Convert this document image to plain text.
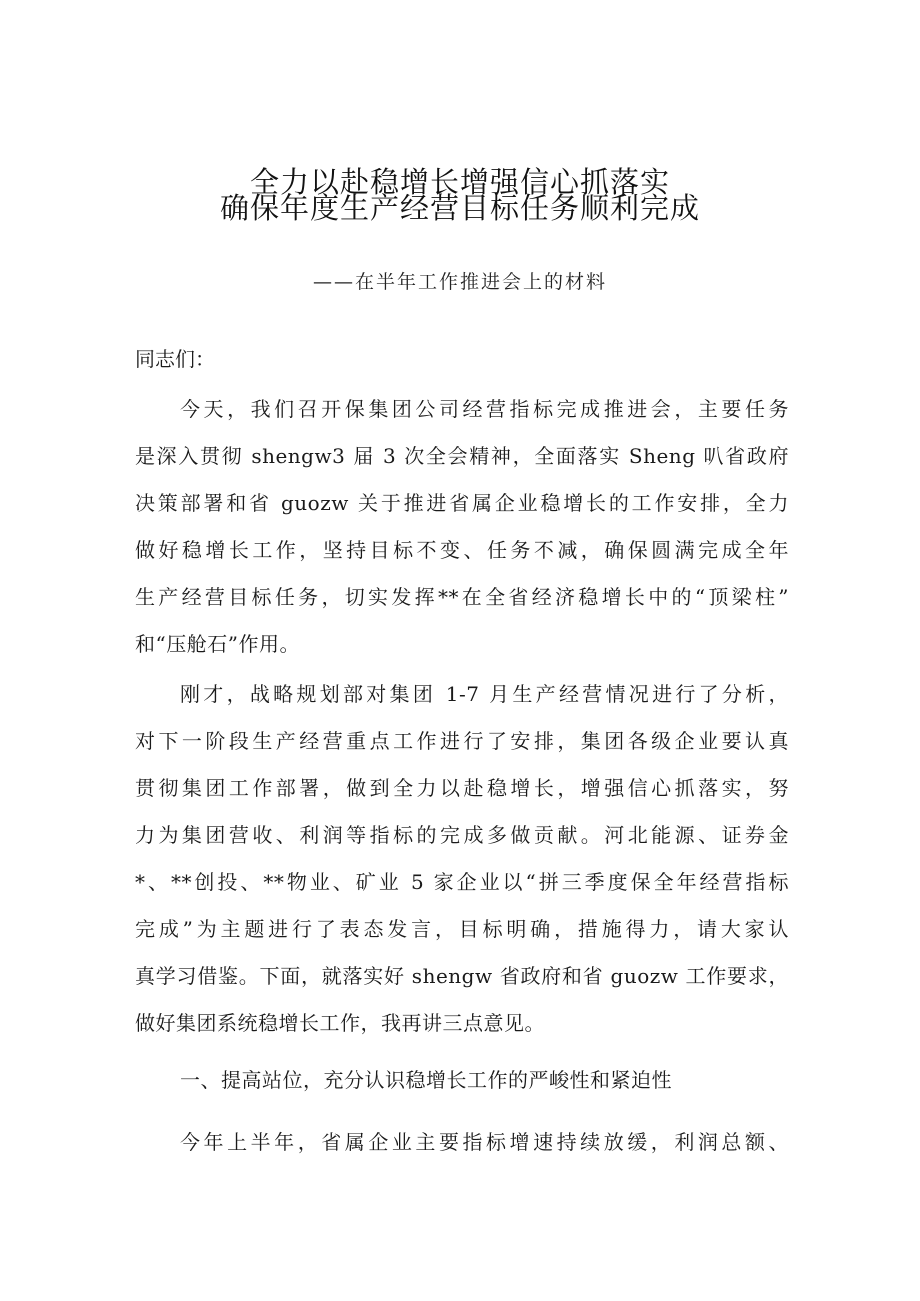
全力以赴稳增长增强信心抓落实
确保年度生产经营目标任务顺利完成
——在半年工作推进会上的材料
同志们：
今天，我们召开保集团公司经营指标完成推进会，主要任务
是深入贯彻 shengw3 届 3 次全会精神，全面落实 Sheng 叭省政府
决策部署和省 guozw 关于推进省属企业稳增长的工作安排，全力
做好稳增长工作，坚持目标不变、任务不减，确保圆满完成全年
生产经营目标任务，切实发挥**在全省经济稳增长中的“顶梁柱”
和“压舱石”作用。
刚才，战略规划部对集团 1-7 月生产经营情况进行了分析，
对下一阶段生产经营重点工作进行了安排，集团各级企业要认真
贯彻集团工作部署，做到全力以赴稳增长，增强信心抓落实，努
力为集团营收、利润等指标的完成多做贡献。河北能源、证券金
*、**创投、**物业、矿业 5 家企业以“拼三季度保全年经营指标
完成”为主题进行了表态发言，目标明确，措施得力，请大家认
真学习借鉴。下面，就落实好 shengw 省政府和省 guozw 工作要求，
做好集团系统稳增长工作，我再讲三点意见。
一、提高站位，充分认识稳增长工作的严峻性和紧迫性
今年上半年，省属企业主要指标增速持续放缓，利润总额、
